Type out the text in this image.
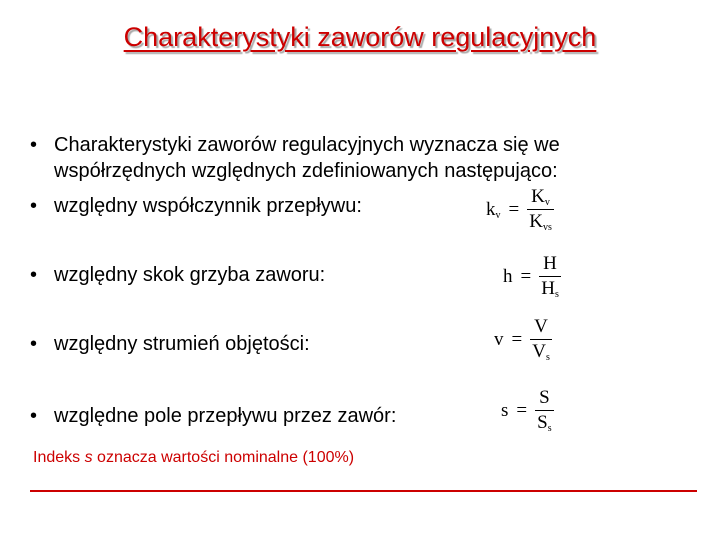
Charakterystyki zaworów regulacyjnych
• Charakterystyki zaworów regulacyjnych wyznacza się we współrzędnych względnych zdefiniowanych następująco:
• względny współczynnik przepływu:
• względny skok grzyba zaworu:
• względny strumień objętości:
• względne pole przepływu przez zawór:
$k_v = \frac{K_v}{K_{vs}}$
$h = \frac{H}{H_s}$
$v = \frac{V}{V_s}$
$s = \frac{S}{S_s}$
Indeks s oznacza wartości nominalne (100%)
